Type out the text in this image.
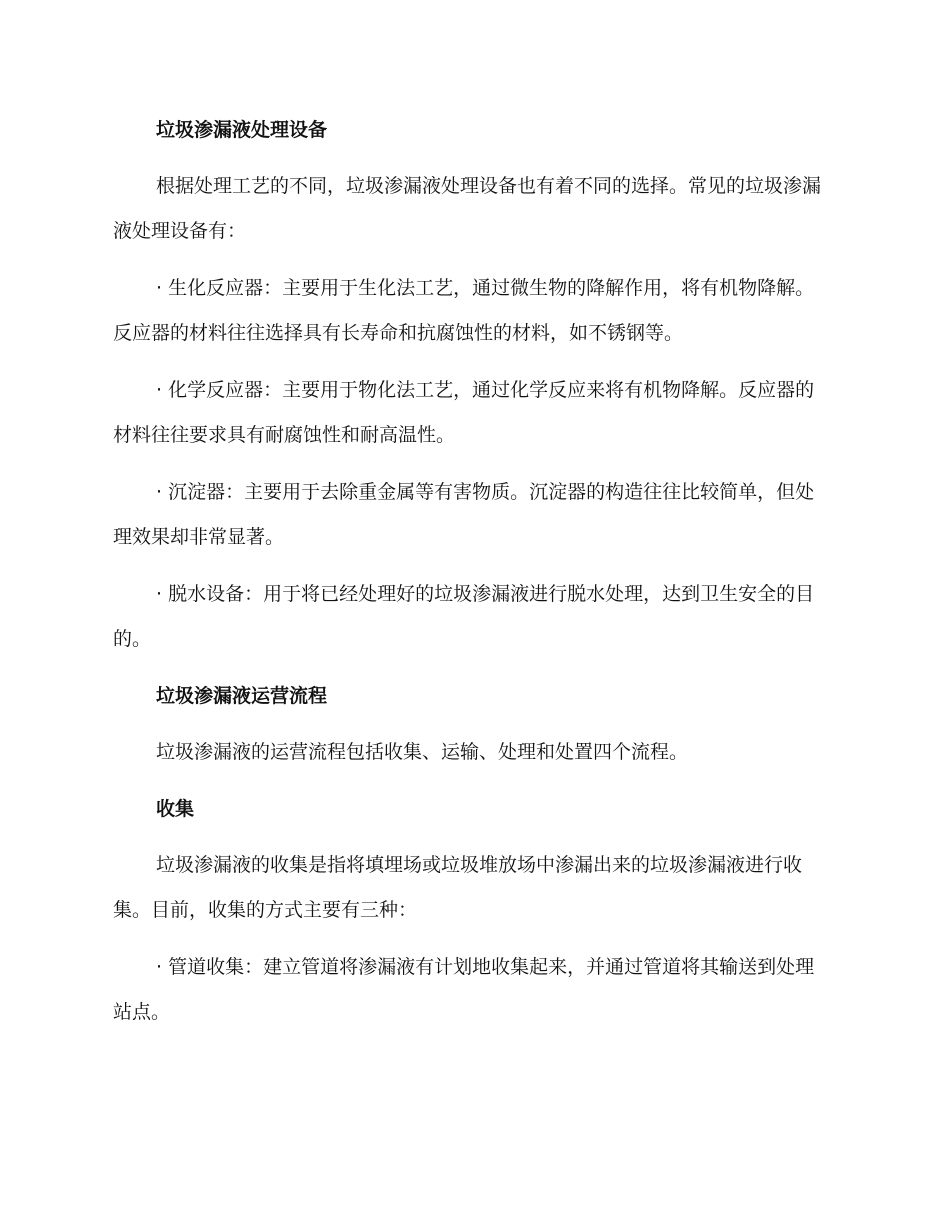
垃圾渗漏液处理设备
根据处理工艺的不同，垃圾渗漏液处理设备也有着不同的选择。常见的垃圾渗漏液处理设备有：
· 生化反应器：主要用于生化法工艺，通过微生物的降解作用，将有机物降解。反应器的材料往往选择具有长寿命和抗腐蚀性的材料，如不锈钢等。
· 化学反应器：主要用于物化法工艺，通过化学反应来将有机物降解。反应器的材料往往要求具有耐腐蚀性和耐高温性。
· 沉淀器：主要用于去除重金属等有害物质。沉淀器的构造往往比较简单，但处理效果却非常显著。
· 脱水设备：用于将已经处理好的垃圾渗漏液进行脱水处理，达到卫生安全的目的。
垃圾渗漏液运营流程
垃圾渗漏液的运营流程包括收集、运输、处理和处置四个流程。
收集
垃圾渗漏液的收集是指将填埋场或垃圾堆放场中渗漏出来的垃圾渗漏液进行收集。目前，收集的方式主要有三种：
· 管道收集：建立管道将渗漏液有计划地收集起来，并通过管道将其输送到处理站点。
